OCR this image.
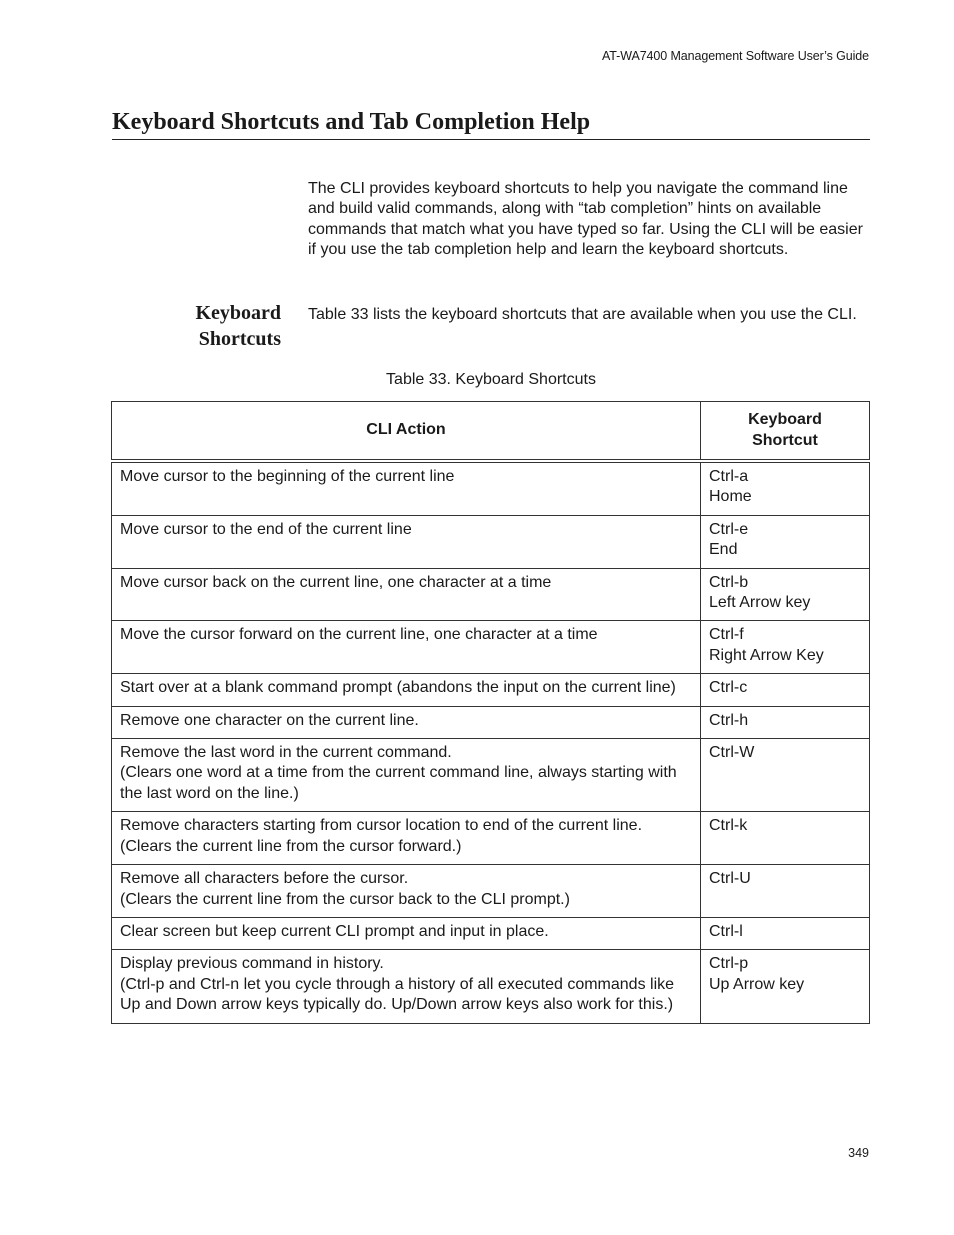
AT-WA7400 Management Software User’s Guide
Keyboard Shortcuts and Tab Completion Help

The CLI provides keyboard shortcuts to help you navigate the command line and build valid commands, along with “tab completion” hints on available commands that match what you have typed so far. Using the CLI will be easier if you use the tab completion help and learn the keyboard shortcuts.

Keyboard
Shortcuts

Table 33 lists the keyboard shortcuts that are available when you use the CLI.

Table 33. Keyboard Shortcuts
CLI Action	Keyboard
Shortcut

Move cursor to the beginning of the current line	Ctrl-a
Home

Move cursor to the end of the current line	Ctrl-e
End

Move cursor back on the current line, one character at a time	Ctrl-b
Left Arrow key

Move the cursor forward on the current line, one character at a time	Ctrl-f
Right Arrow Key

Start over at a blank command prompt (abandons the input on the current line)	Ctrl-c

Remove one character on the current line.	Ctrl-h

Remove the last word in the current command.
(Clears one word at a time from the current command line, always starting with the last word on the line.)	Ctrl-W

Remove characters starting from cursor location to end of the current line.
(Clears the current line from the cursor forward.)	Ctrl-k

Remove all characters before the cursor.
(Clears the current line from the cursor back to the CLI prompt.)	Ctrl-U

Clear screen but keep current CLI prompt and input in place.	Ctrl-l

Display previous command in history.
(Ctrl-p and Ctrl-n let you cycle through a history of all executed commands like Up and Down arrow keys typically do. Up/Down arrow keys also work for this.)	Ctrl-p
Up Arrow key
349
